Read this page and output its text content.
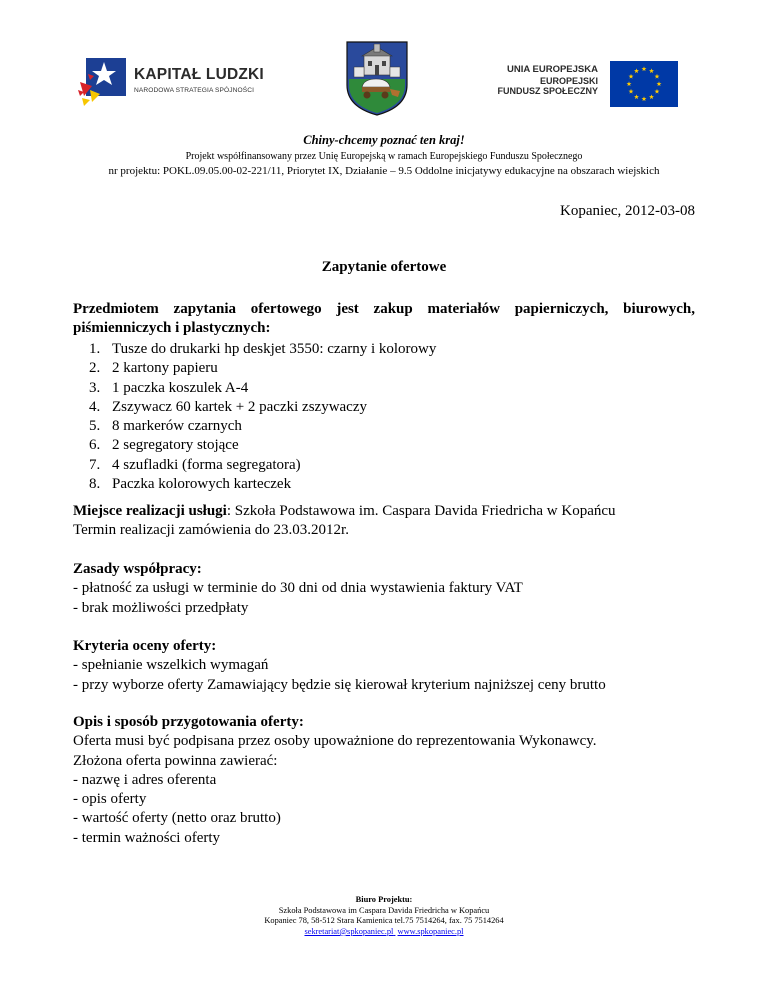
KAPITAŁ LUDZKI
NARODOWA STRATEGIA SPÓJNOŚCI
UNIA EUROPEJSKA
EUROPEJSKI
FUNDUSZ SPOŁECZNY
Chiny-chcemy poznać ten kraj!
Projekt współfinansowany przez Unię Europejską w ramach Europejskiego Funduszu Społecznego
nr projektu: POKL.09.05.00-02-221/11, Priorytet IX, Działanie – 9.5 Oddolne inicjatywy edukacyjne na obszarach wiejskich
Kopaniec, 2012-03-08
Zapytanie ofertowe
Przedmiotem zapytania ofertowego jest zakup materiałów papierniczych, biurowych, piśmienniczych i plastycznych:
1. Tusze do drukarki hp deskjet 3550: czarny i kolorowy
2. 2 kartony papieru
3. 1 paczka koszulek A-4
4. Zszywacz 60 kartek + 2 paczki zszywaczy
5. 8 markerów czarnych
6. 2 segregatory stojące
7. 4 szufladki (forma segregatora)
8. Paczka kolorowych karteczek
Miejsce realizacji usługi: Szkoła Podstawowa im. Caspara Davida Friedricha w Kopańcu
Termin realizacji zamówienia do 23.03.2012r.
Zasady współpracy:
- płatność za usługi w terminie do 30 dni od dnia wystawienia faktury VAT
- brak możliwości przedpłaty
Kryteria oceny oferty:
- spełnianie wszelkich wymagań
- przy wyborze oferty Zamawiający będzie się kierował kryterium najniższej ceny brutto
Opis i sposób przygotowania oferty:
Oferta musi być podpisana przez osoby upoważnione do reprezentowania Wykonawcy.
Złożona oferta powinna zawierać:
- nazwę i adres oferenta
- opis oferty
- wartość oferty (netto oraz brutto)
- termin ważności oferty
Biuro Projektu:
Szkoła Podstawowa im Caspara Davida Friedricha w Kopańcu
Kopaniec 78, 58-512 Stara Kamienica tel.75 7514264, fax. 75 7514264
sekretariat@spkopaniec.pl www.spkopaniec.pl
